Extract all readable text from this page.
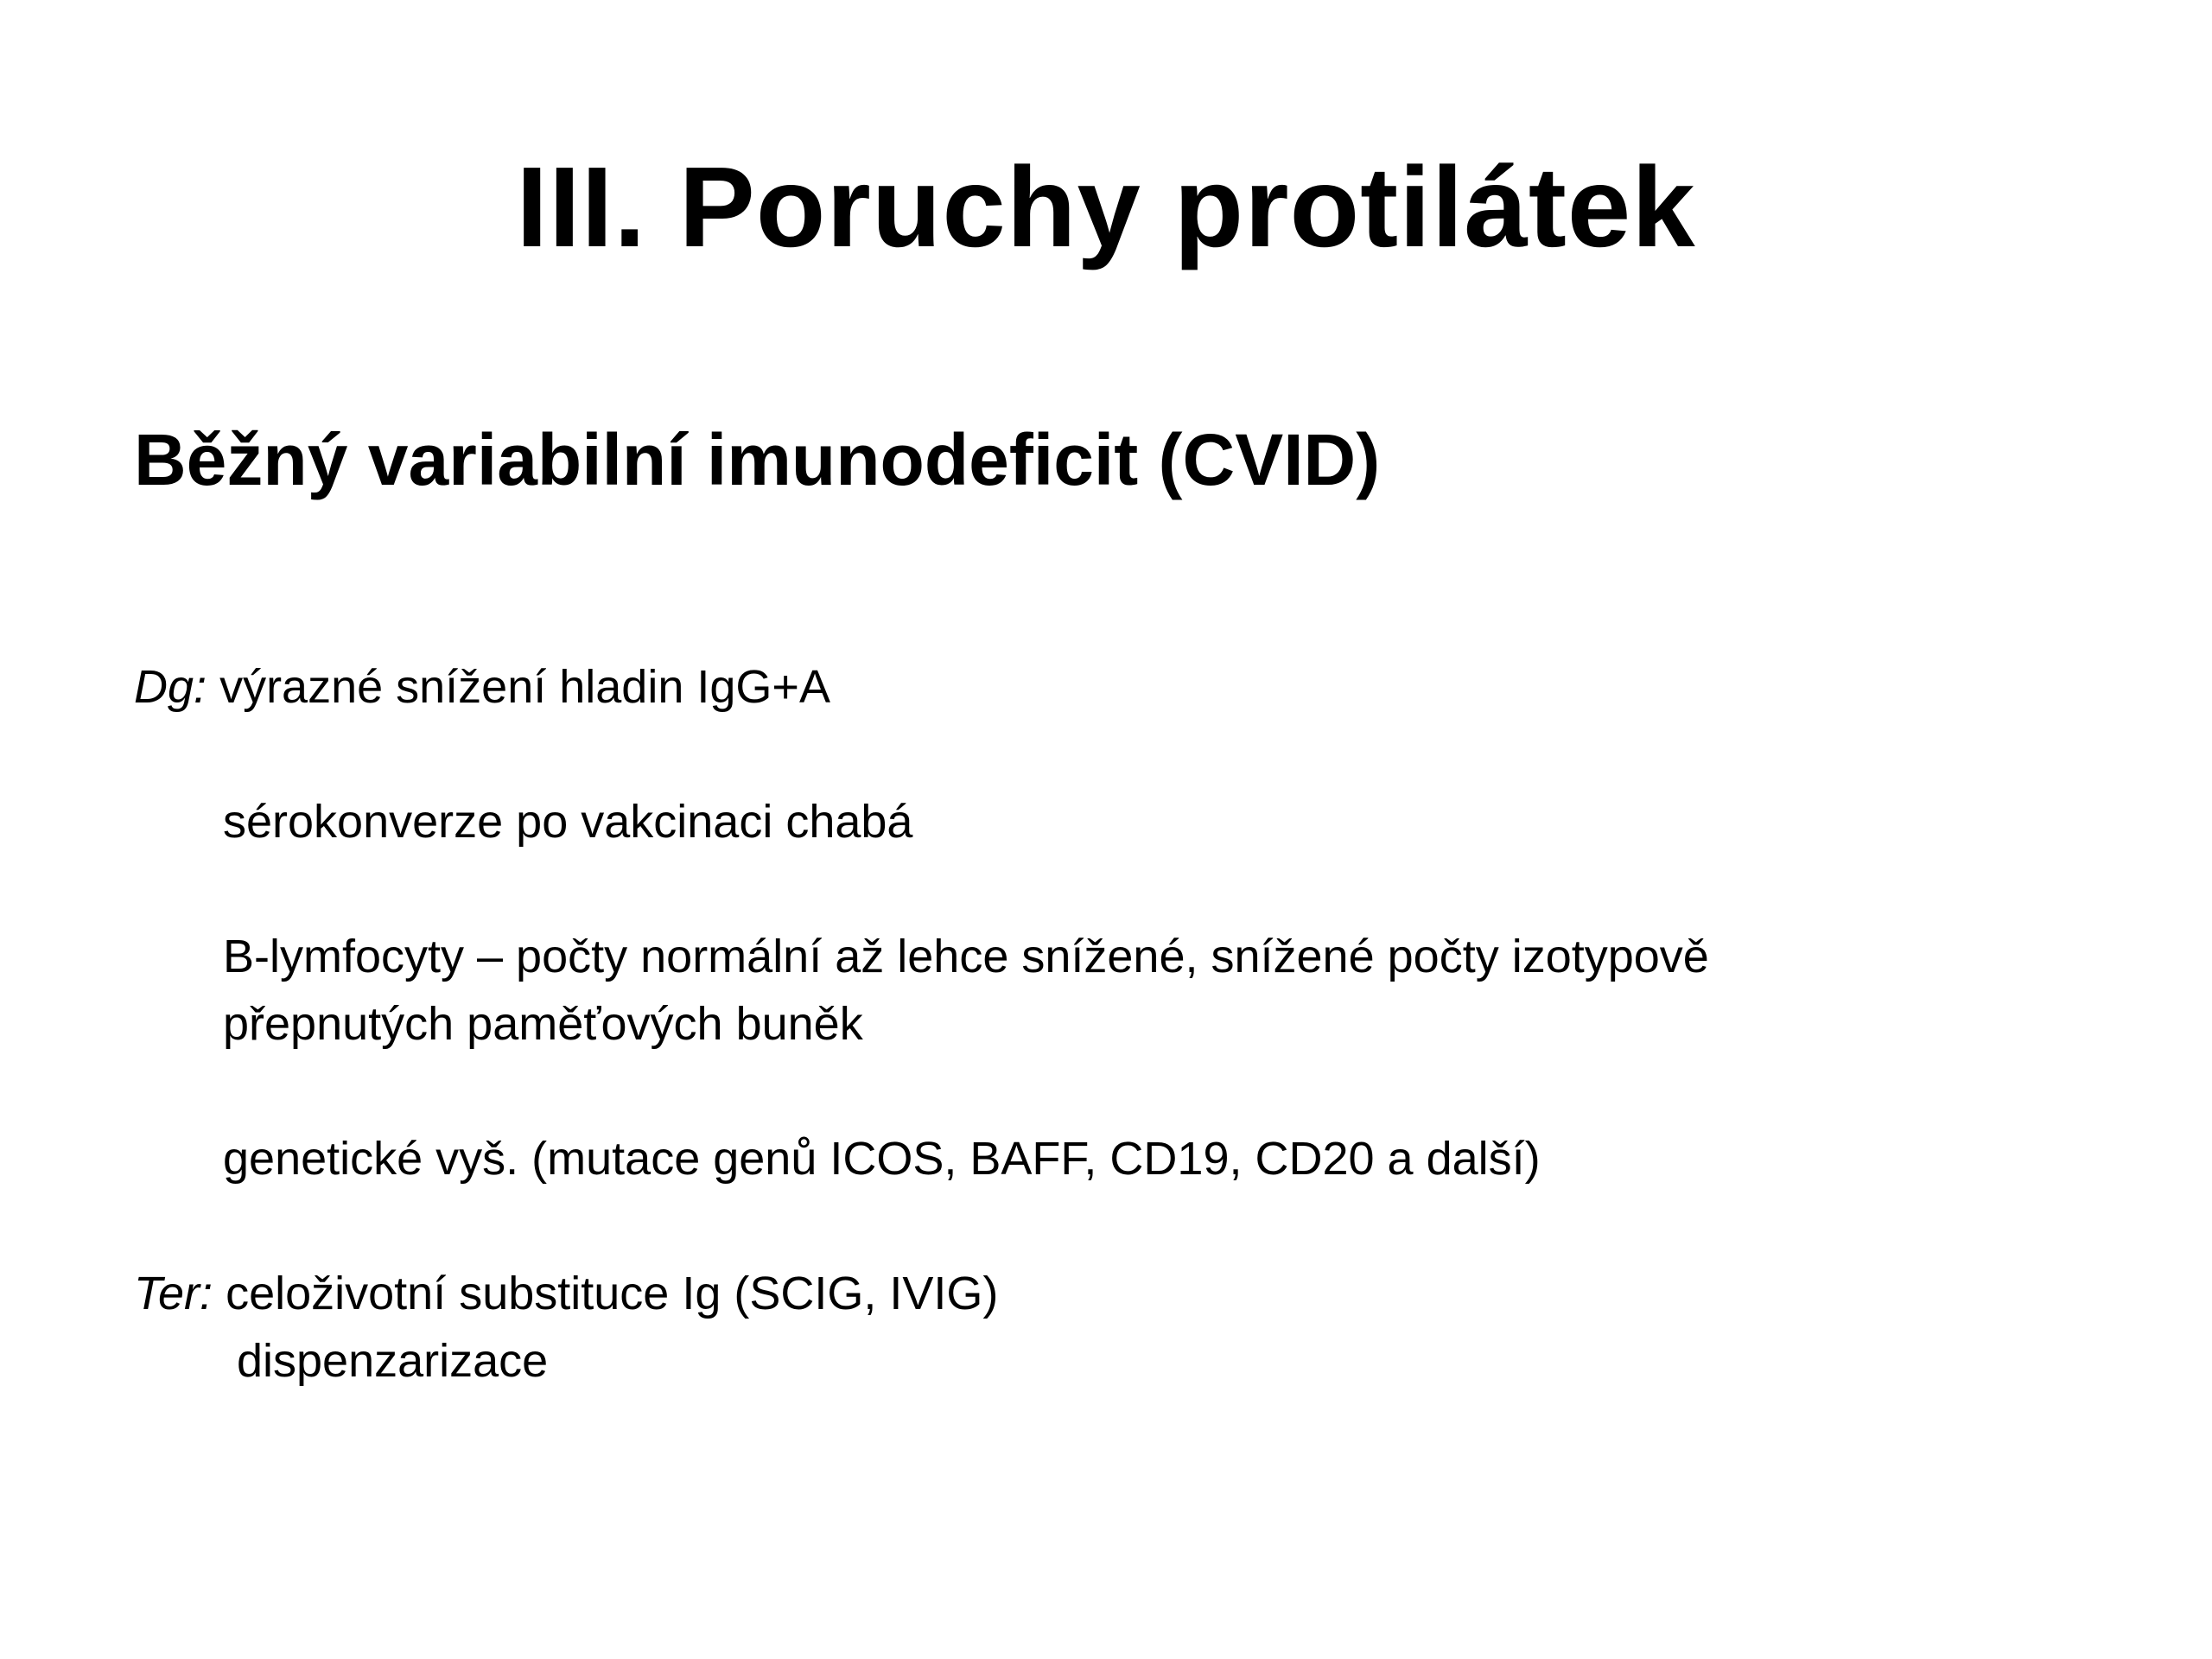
III. Poruchy protilátek
Běžný variabilní imunodeficit (CVID)
Dg: výrazné snížení hladin IgG+A
sérokonverze po vakcinaci chabá
B-lymfocyty – počty normální až lehce snížené, snížené počty izotypově
přepnutých paměťových buněk
genetické vyš. (mutace genů ICOS, BAFF, CD19, CD20 a další)
Ter: celoživotní substituce Ig (SCIG, IVIG)
dispenzarizace
